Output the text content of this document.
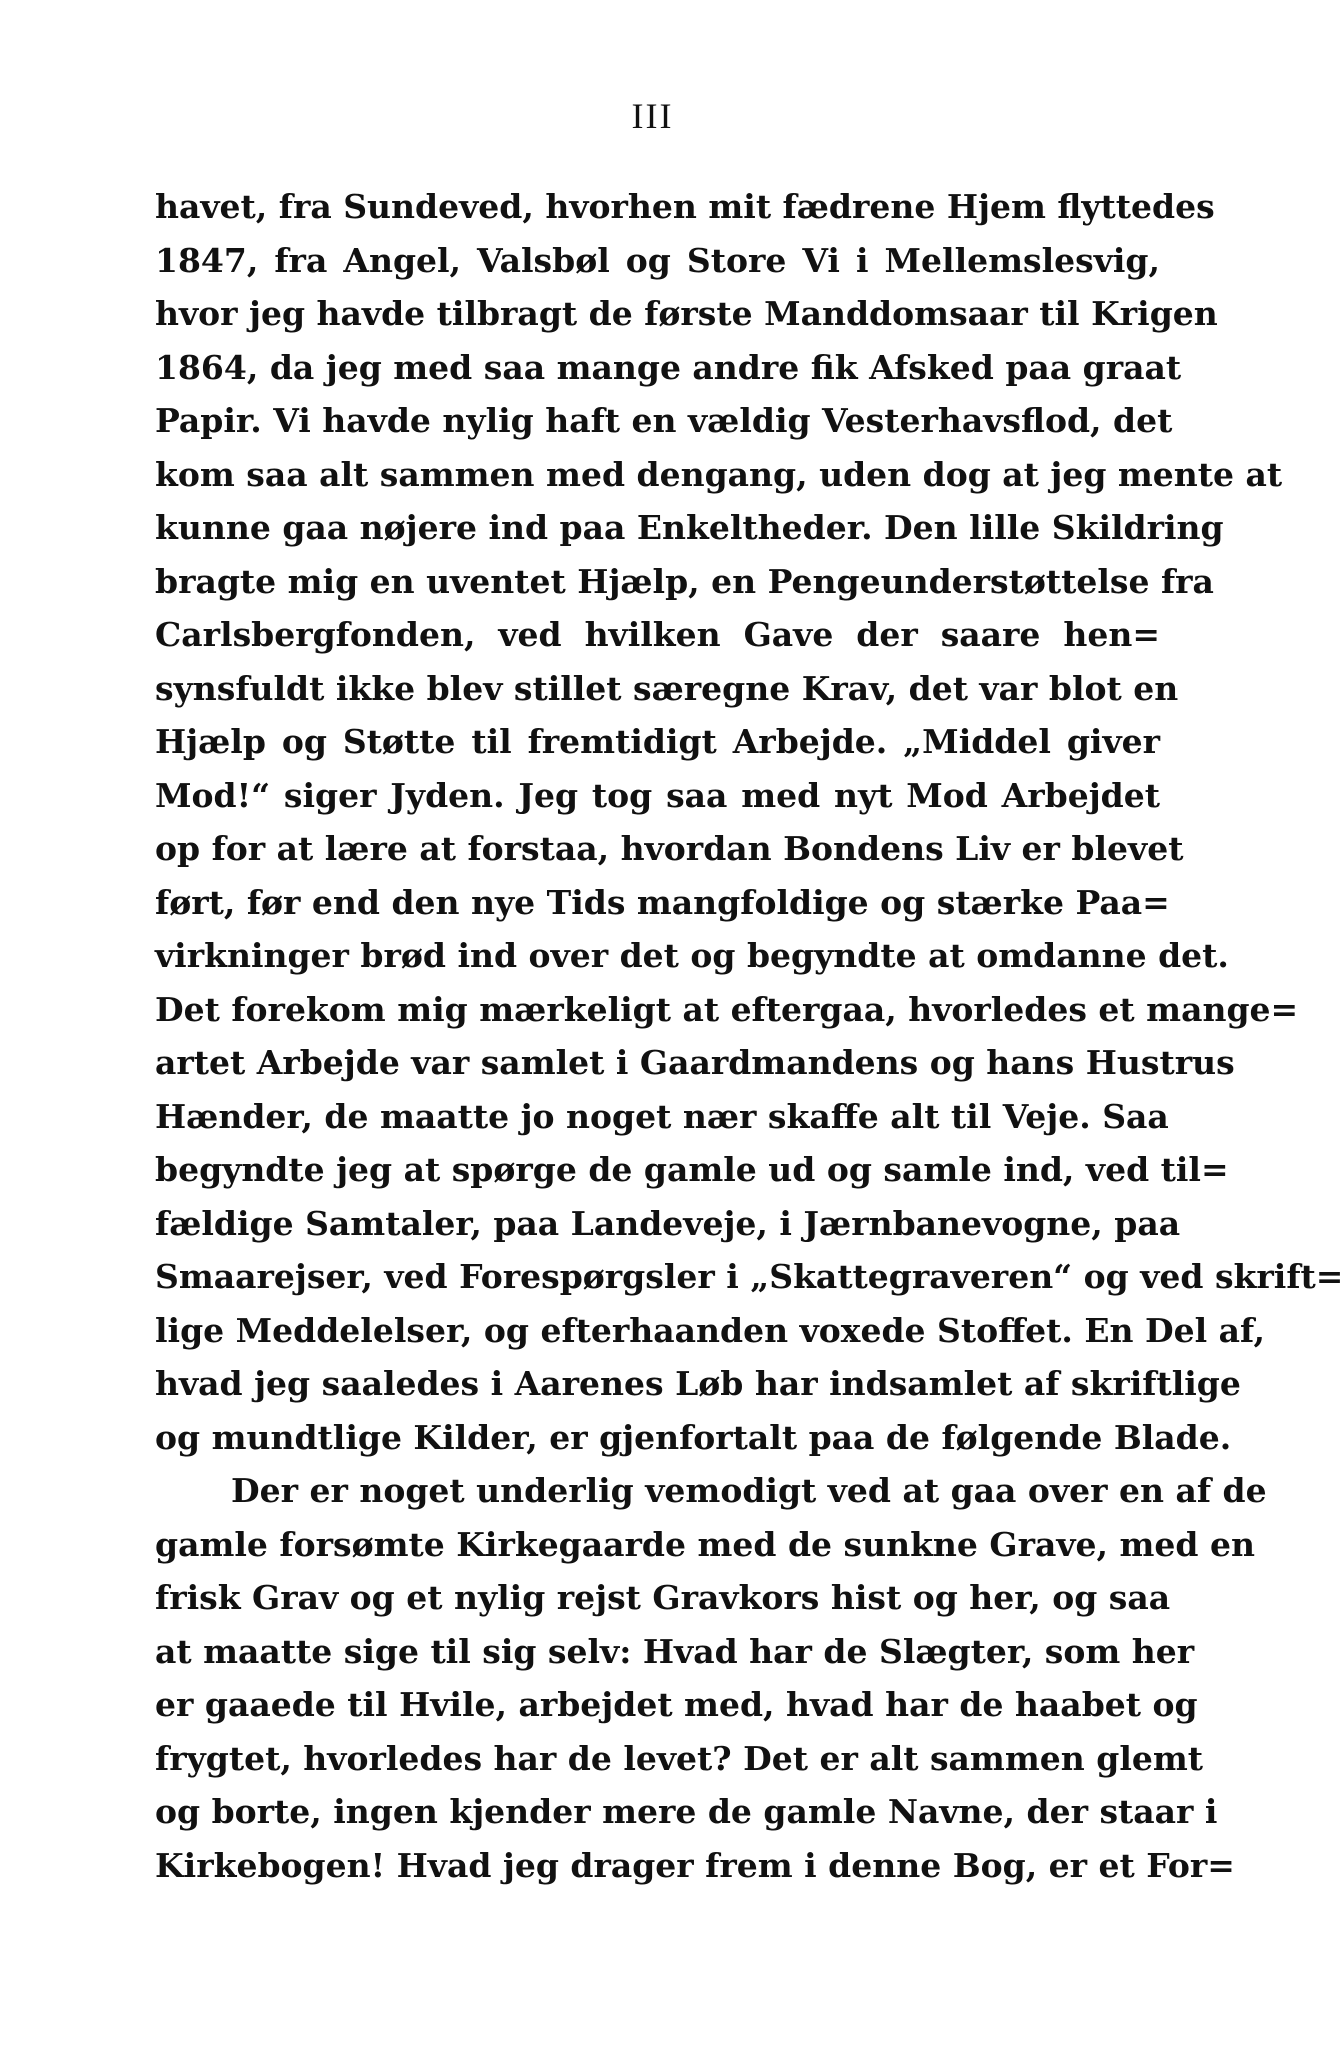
III
havet, fra Sundeved, hvorhen mit fædrene Hjem flyttedes
1847, fra Angel, Valsbøl og Store Vi i Mellemslesvig,
hvor jeg havde tilbragt de første Manddomsaar til Krigen
1864, da jeg med saa mange andre fik Afsked paa graat
Papir. Vi havde nylig haft en vældig Vesterhavsflod, det
kom saa alt sammen med dengang, uden dog at jeg mente at
kunne gaa nøjere ind paa Enkeltheder. Den lille Skildring
bragte mig en uventet Hjælp, en Pengeunderstøttelse fra
Carlsbergfonden, ved hvilken Gave der saare hen=
synsfuldt ikke blev stillet særegne Krav, det var blot en
Hjælp og Støtte til fremtidigt Arbejde. „Middel giver
Mod!“ siger Jyden. Jeg tog saa med nyt Mod Arbejdet
op for at lære at forstaa, hvordan Bondens Liv er blevet
ført, før end den nye Tids mangfoldige og stærke Paa=
virkninger brød ind over det og begyndte at omdanne det.
Det forekom mig mærkeligt at eftergaa, hvorledes et mange=
artet Arbejde var samlet i Gaardmandens og hans Hustrus
Hænder, de maatte jo noget nær skaffe alt til Veje. Saa
begyndte jeg at spørge de gamle ud og samle ind, ved til=
fældige Samtaler, paa Landeveje, i Jærnbanevogne, paa
Smaarejser, ved Forespørgsler i „Skattegraveren“ og ved skrift=
lige Meddelelser, og efterhaanden voxede Stoffet. En Del af,
hvad jeg saaledes i Aarenes Løb har indsamlet af skriftlige
og mundtlige Kilder, er gjenfortalt paa de følgende Blade.
Der er noget underlig vemodigt ved at gaa over en af de
gamle forsømte Kirkegaarde med de sunkne Grave, med en
frisk Grav og et nylig rejst Gravkors hist og her, og saa
at maatte sige til sig selv: Hvad har de Slægter, som her
er gaaede til Hvile, arbejdet med, hvad har de haabet og
frygtet, hvorledes har de levet? Det er alt sammen glemt
og borte, ingen kjender mere de gamle Navne, der staar i
Kirkebogen! Hvad jeg drager frem i denne Bog, er et For=
